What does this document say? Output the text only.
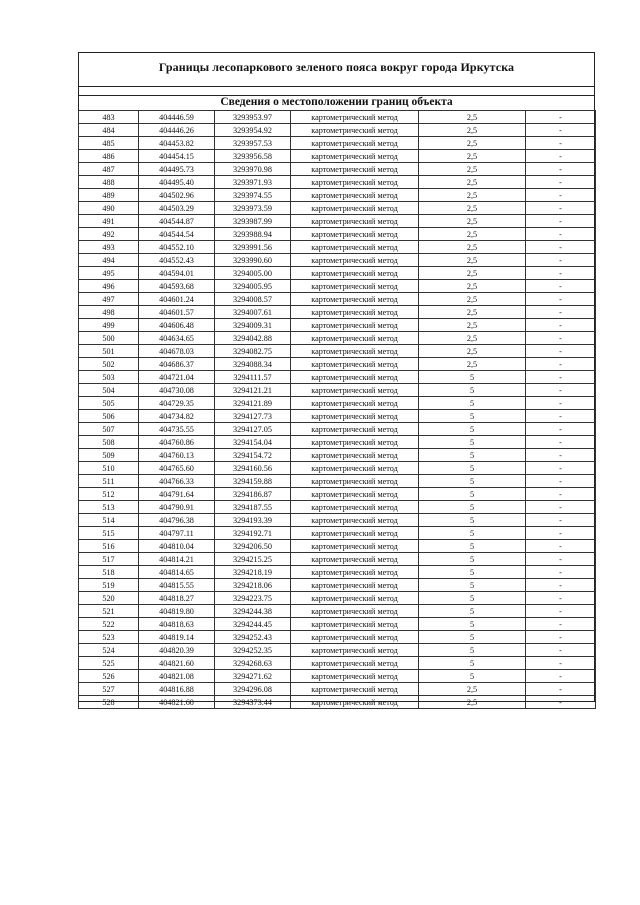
Границы лесопаркового зеленого пояса вокруг города Иркутска
Сведения о местоположении границ объекта
483	404446.59	3293953.97	картометрический метод	2,5	-
484	404446.26	3293954.92	картометрический метод	2,5	-
485	404453.82	3293957.53	картометрический метод	2,5	-
486	404454.15	3293956.58	картометрический метод	2,5	-
487	404495.73	3293970.98	картометрический метод	2,5	-
488	404495.40	3293971.93	картометрический метод	2,5	-
489	404502.96	3293974.55	картометрический метод	2,5	-
490	404503.29	3293973.59	картометрический метод	2,5	-
491	404544.87	3293987.99	картометрический метод	2,5	-
492	404544.54	3293988.94	картометрический метод	2,5	-
493	404552.10	3293991.56	картометрический метод	2,5	-
494	404552.43	3293990.60	картометрический метод	2,5	-
495	404594.01	3294005.00	картометрический метод	2,5	-
496	404593.68	3294005.95	картометрический метод	2,5	-
497	404601.24	3294008.57	картометрический метод	2,5	-
498	404601.57	3294007.61	картометрический метод	2,5	-
499	404606.48	3294009.31	картометрический метод	2,5	-
500	404634.65	3294042.88	картометрический метод	2,5	-
501	404678.03	3294082.75	картометрический метод	2,5	-
502	404686.37	3294088.34	картометрический метод	2,5	-
503	404721.04	3294111.57	картометрический метод	5	-
504	404730.08	3294121.21	картометрический метод	5	-
505	404729.35	3294121.89	картометрический метод	5	-
506	404734.82	3294127.73	картометрический метод	5	-
507	404735.55	3294127.05	картометрический метод	5	-
508	404760.86	3294154.04	картометрический метод	5	-
509	404760.13	3294154.72	картометрический метод	5	-
510	404765.60	3294160.56	картометрический метод	5	-
511	404766.33	3294159.88	картометрический метод	5	-
512	404791.64	3294186.87	картометрический метод	5	-
513	404790.91	3294187.55	картометрический метод	5	-
514	404796.38	3294193.39	картометрический метод	5	-
515	404797.11	3294192.71	картометрический метод	5	-
516	404810.04	3294206.50	картометрический метод	5	-
517	404814.21	3294215.25	картометрический метод	5	-
518	404814.65	3294218.19	картометрический метод	5	-
519	404815.55	3294218.06	картометрический метод	5	-
520	404818.27	3294223.75	картометрический метод	5	-
521	404819.80	3294244.38	картометрический метод	5	-
522	404818.63	3294244.45	картометрический метод	5	-
523	404819.14	3294252.43	картометрический метод	5	-
524	404820.39	3294252.35	картометрический метод	5	-
525	404821.60	3294268.63	картометрический метод	5	-
526	404821.08	3294271.62	картометрический метод	5	-
527	404816.88	3294296.08	картометрический метод	2,5	-
528	404821.60	3294373.44	картометрический метод	2,5	-
